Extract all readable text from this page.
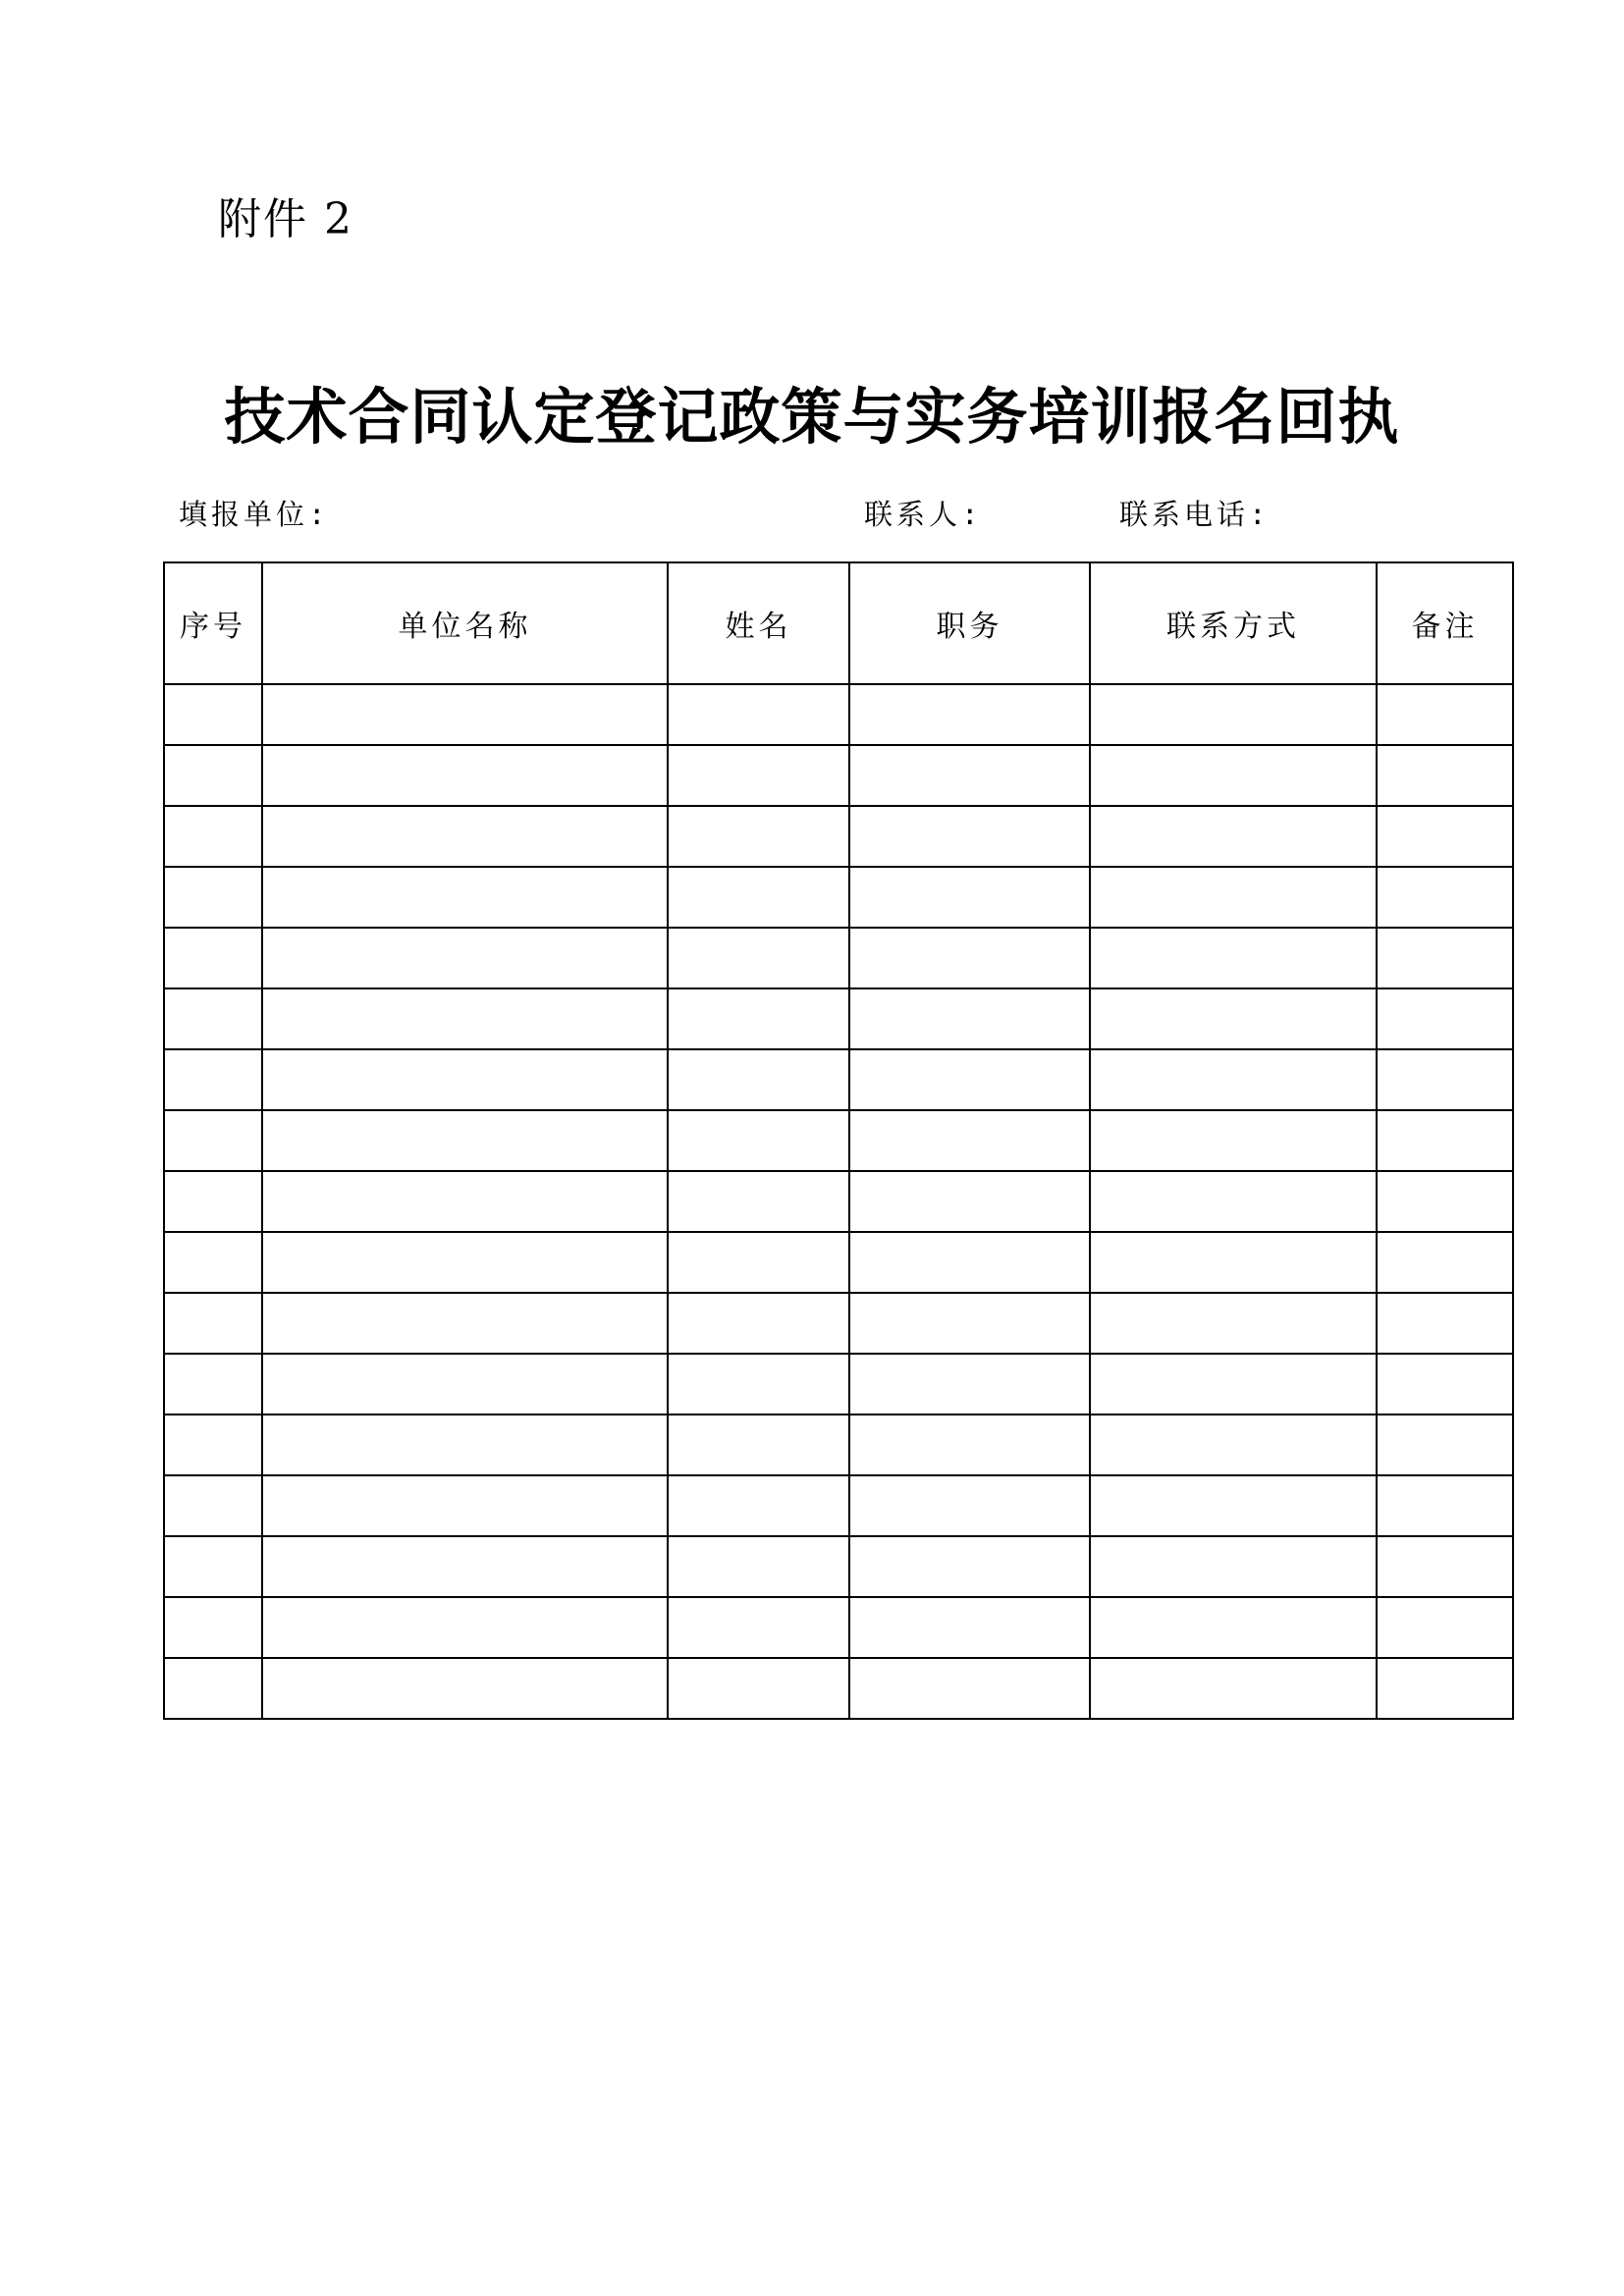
附件 2
技术合同认定登记政策与实务培训报名回执
填报单位:	联系人:	联系电话:
序号	单位名称	姓名	职务	联系方式	备注
